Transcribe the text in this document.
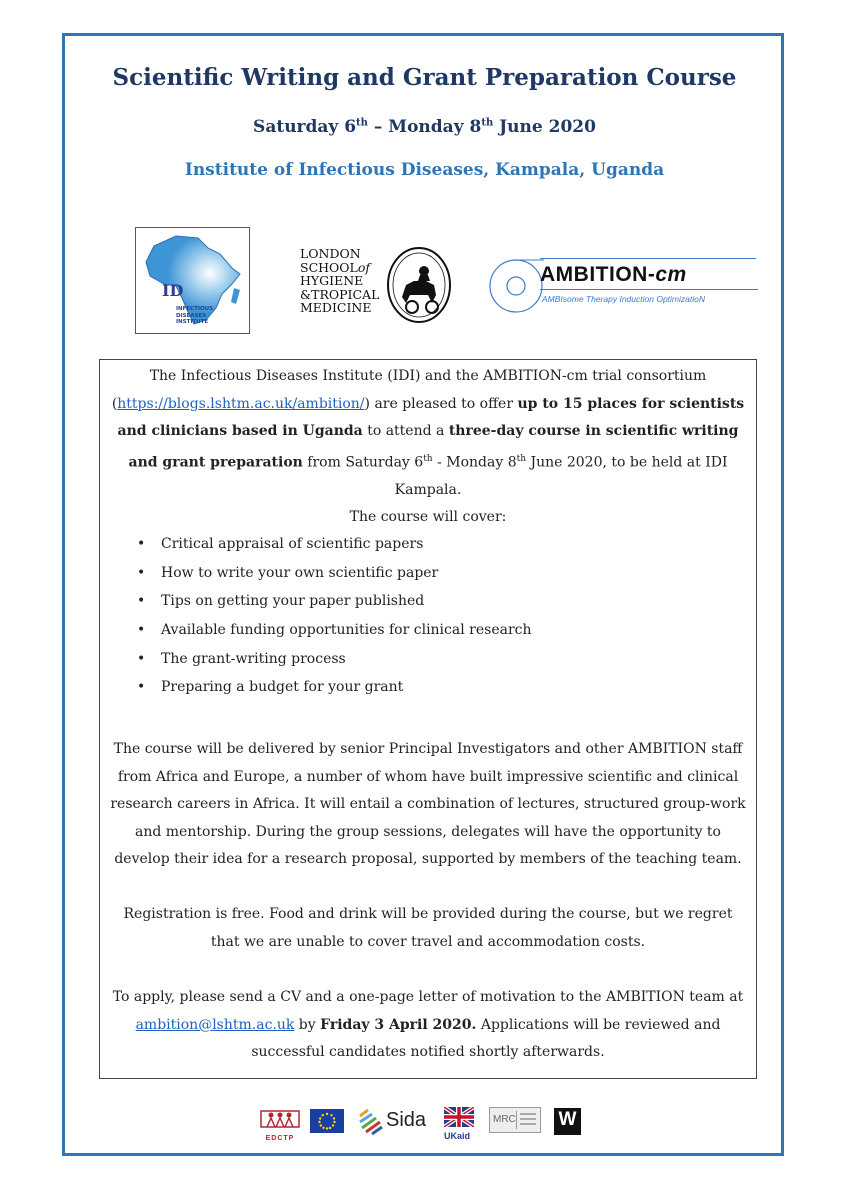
Scientific Writing and Grant Preparation Course
Saturday 6th – Monday 8th June 2020
Institute of Infectious Diseases, Kampala, Uganda
ID
INFECTIOUS
DISEASES
INSTITUTE
LONDON
SCHOOLof
HYGIENE
&TROPICAL
MEDICINE
AMBITION-cm
AMBIsome Therapy Induction OptimizatioN
The Infectious Diseases Institute (IDI) and the AMBITION-cm trial consortium
(https://blogs.lshtm.ac.uk/ambition/) are pleased to offer up to 15 places for scientists and clinicians based in Uganda to attend a three-day course in scientific writing and grant preparation from Saturday 6th - Monday 8th June 2020, to be held at IDI Kampala.
The course will cover:
• Critical appraisal of scientific papers
• How to write your own scientific paper
• Tips on getting your paper published
• Available funding opportunities for clinical research
• The grant-writing process
• Preparing a budget for your grant
The course will be delivered by senior Principal Investigators and other AMBITION staff from Africa and Europe, a number of whom have built impressive scientific and clinical research careers in Africa. It will entail a combination of lectures, structured group-work and mentorship. During the group sessions, delegates will have the opportunity to develop their idea for a research proposal, supported by members of the teaching team.
Registration is free. Food and drink will be provided during the course, but we regret that we are unable to cover travel and accommodation costs.
To apply, please send a CV and a one-page letter of motivation to the AMBITION team at
ambition@lshtm.ac.uk by Friday 3 April 2020. Applications will be reviewed and successful candidates notified shortly afterwards.
EDCTP
Sida
UKaid
MRC W
